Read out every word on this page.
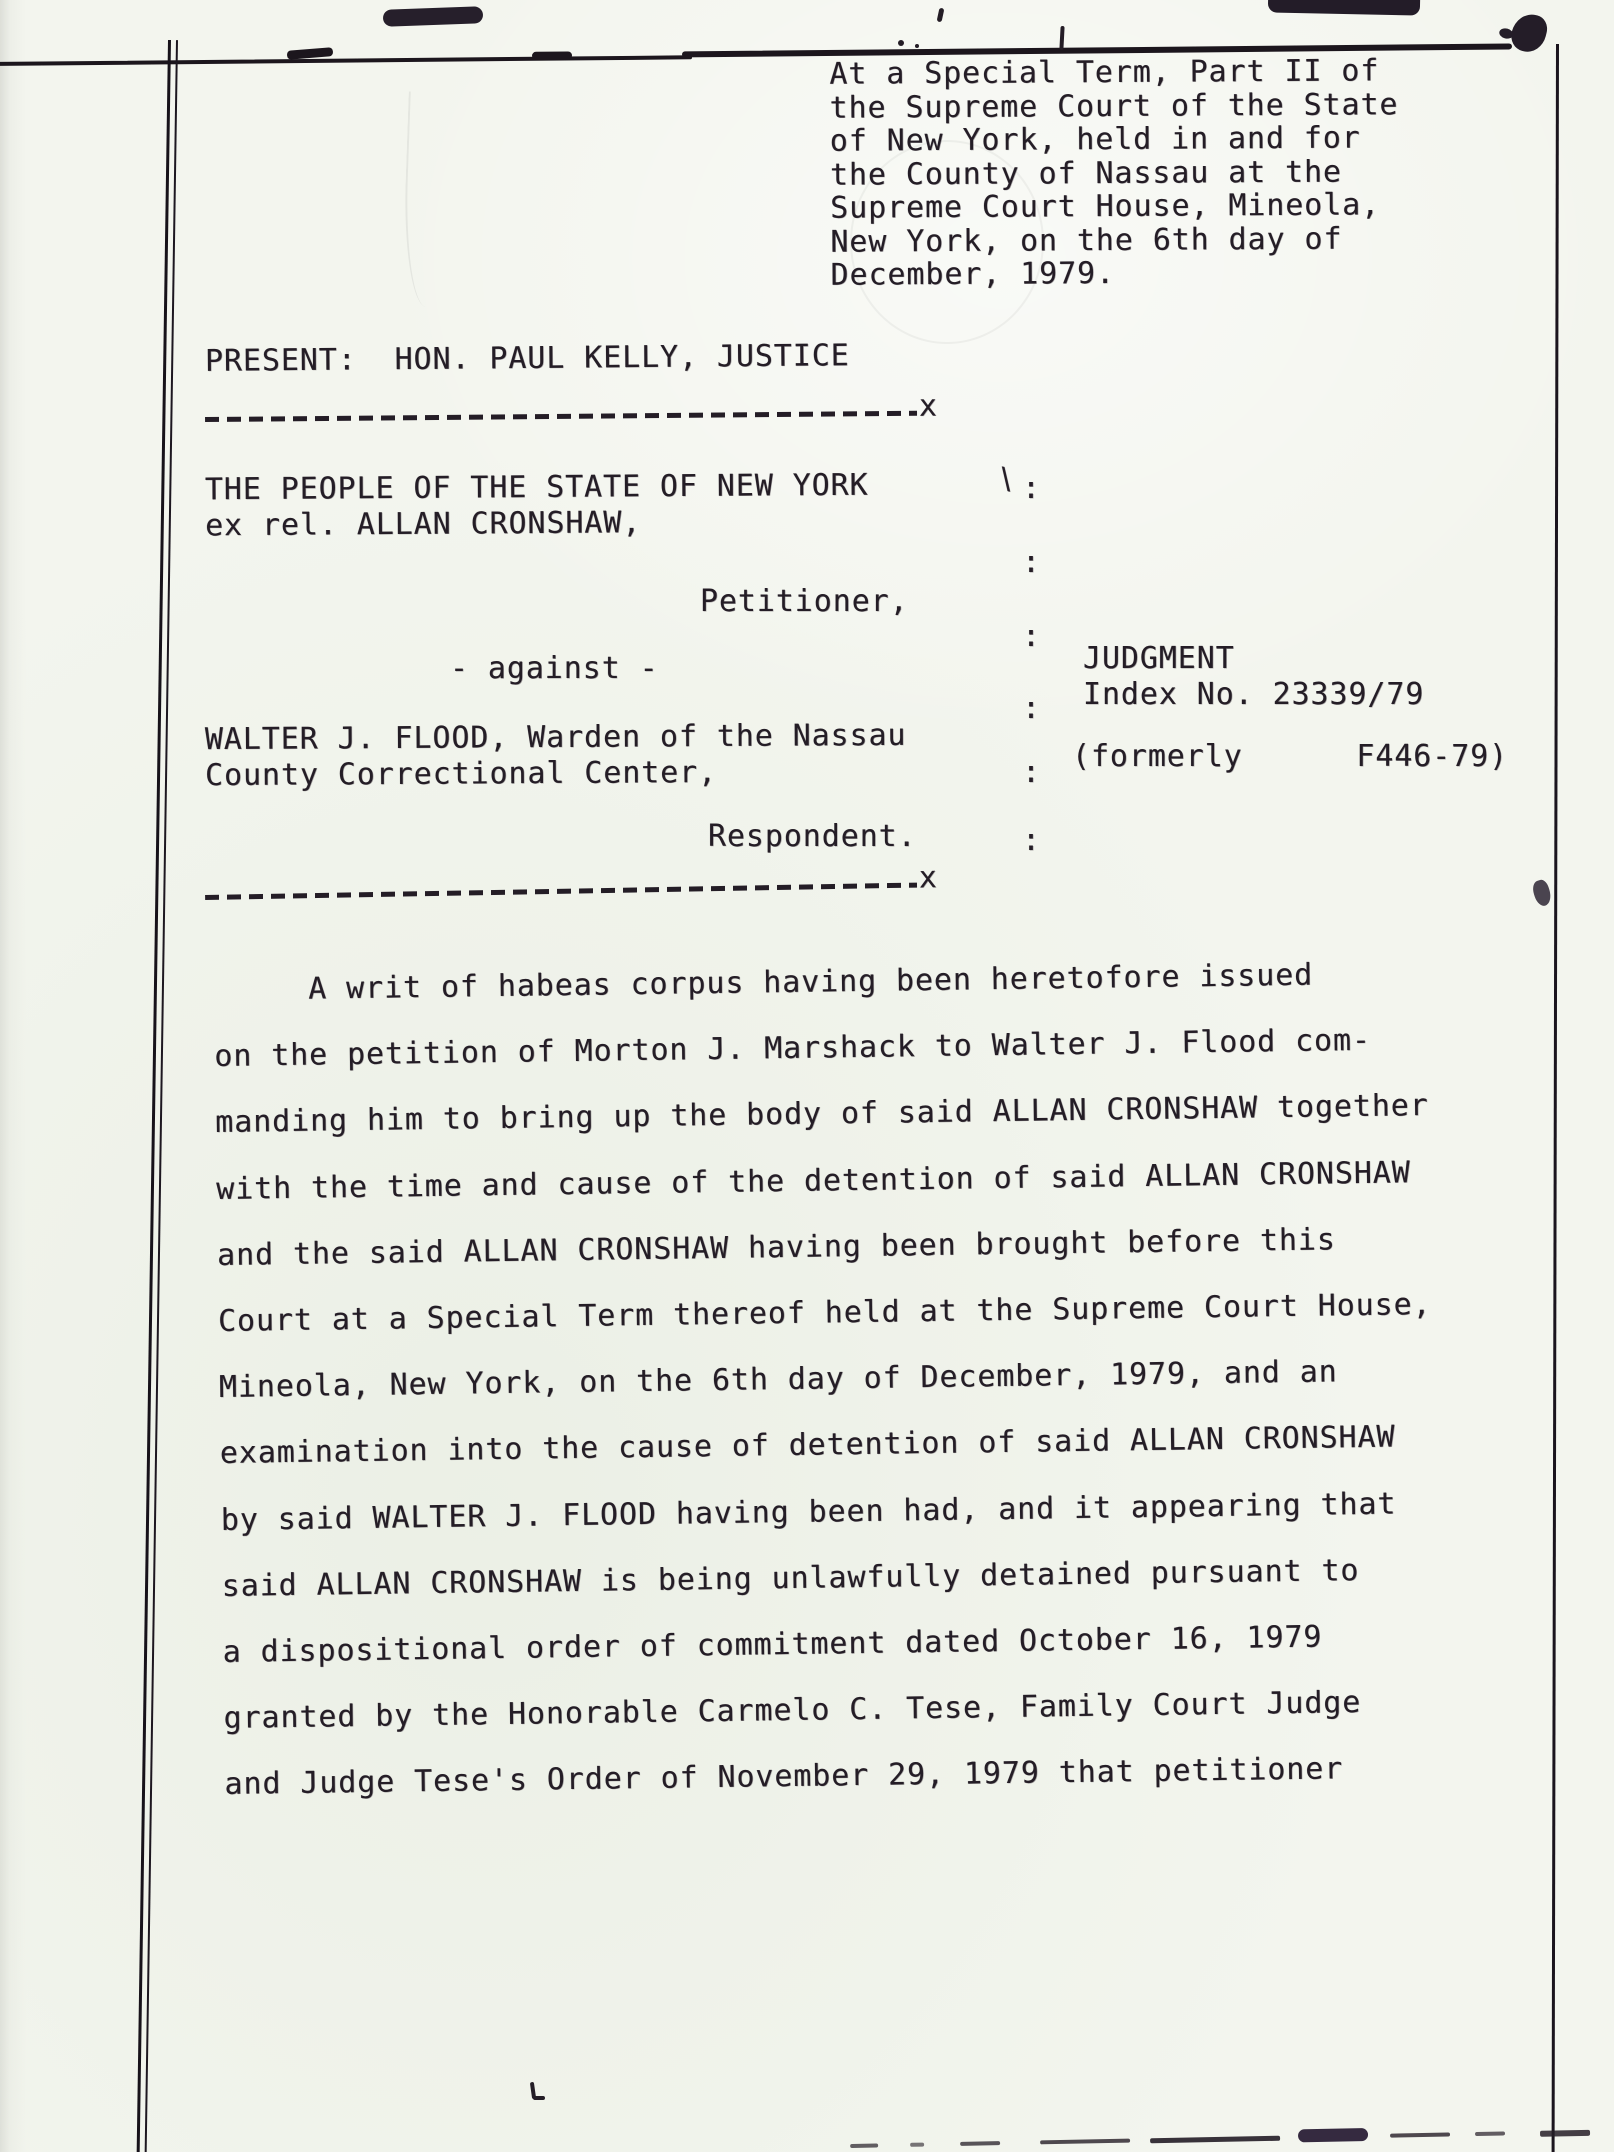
At a Special Term, Part II of
the Supreme Court of the State
of New York, held in and for
the County of Nassau at the
Supreme Court House, Mineola,
New York, on the 6th day of
December, 1979.
PRESENT:  HON. PAUL KELLY, JUSTICE
x
THE PEOPLE OF THE STATE OF NEW YORK
ex rel. ALLAN CRONSHAW,
\ :
:
:
:
:
:
Petitioner,
- against -	JUDGMENT
Index No. 23339/79
(formerly      F446-79)
WALTER J. FLOOD, Warden of the Nassau
County Correctional Center,
Respondent.
x
A writ of habeas corpus having been heretofore issued
on the petition of Morton J. Marshack to Walter J. Flood com-
manding him to bring up the body of said ALLAN CRONSHAW together
with the time and cause of the detention of said ALLAN CRONSHAW
and the said ALLAN CRONSHAW having been brought before this
Court at a Special Term thereof held at the Supreme Court House,
Mineola, New York, on the 6th day of December, 1979, and an
examination into the cause of detention of said ALLAN CRONSHAW
by said WALTER J. FLOOD having been had, and it appearing that
said ALLAN CRONSHAW is being unlawfully detained pursuant to
a dispositional order of commitment dated October 16, 1979
granted by the Honorable Carmelo C. Tese, Family Court Judge
and Judge Tese's Order of November 29, 1979 that petitioner
